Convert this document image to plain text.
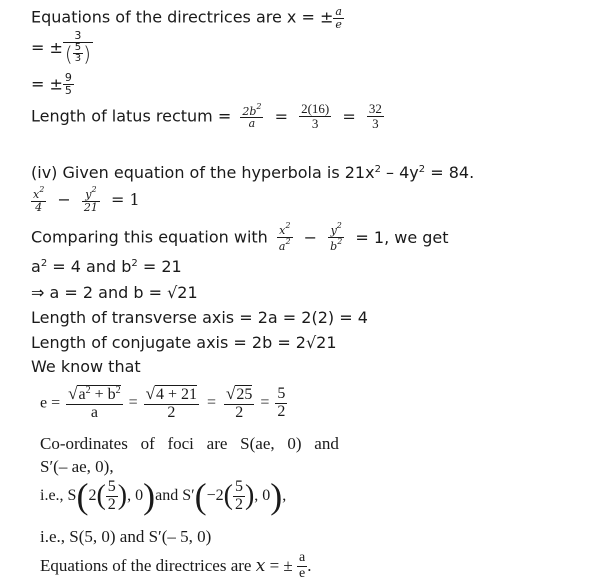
Equations of the directrices are x = ± $\frac{a}{e}$
= ± $\frac{3}{( \frac{5}{3} )}$
= ± $\frac{9}{5}$
Length of latus rectum = $\frac{2b^2}{a} = \frac{2(16)}{3} = \frac{32}{3}$
(iv) Given equation of the hyperbola is $21x^2 - 4y^2 = 84$.
$\frac{x^2}{4} - \frac{y^2}{21} = 1$
Comparing this equation with $\frac{x^2}{a^2} - \frac{y^2}{b^2} = 1$, we get
$a^2 = 4$ and $b^2 = 21$
⇒ a = 2 and b = √21
Length of transverse axis = 2a = 2(2) = 4
Length of conjugate axis = 2b = 2√21
We know that
$e = \frac{√a^2 + b^2}{a} = \frac{√4 + 21}{2} = \frac{√25}{2} = \frac{5}{2}$
Co-ordinates   of   foci   are   S(ae,   0)   and
S′(– ae, 0),
i.e., $S(2( \frac{5}{2}$ ), 0)and $S'(-2( \frac{5}{2}$ ), 0),
i.e., S(5, 0) and S′(– 5, 0)
Equations of the directrices are x = ± $\frac{a}{e}$ .
